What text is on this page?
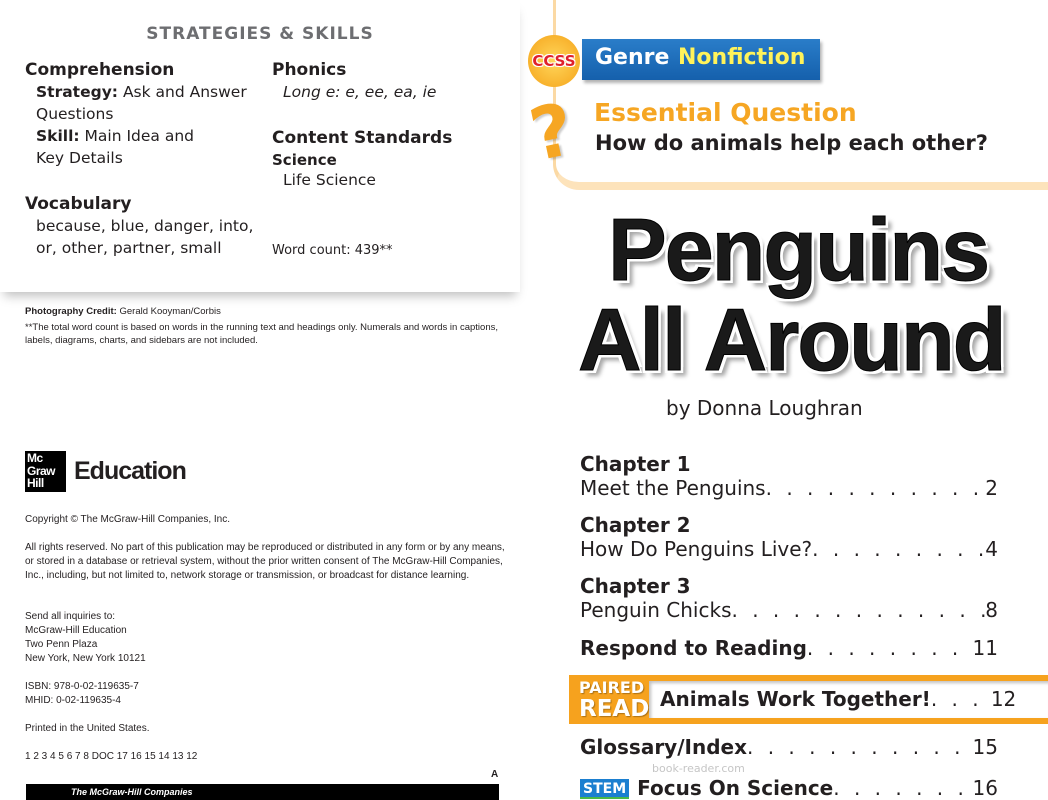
STRATEGIES & SKILLS
Comprehension
Strategy: Ask and Answer
Questions
Skill: Main Idea and
Key Details
Vocabulary
because, blue, danger, into,
or, other, partner, small
Phonics
Long e: e, ee, ea, ie
Content Standards
Science
Life Science
Word count: 439**
Photography Credit: Gerald Kooyman/Corbis
**The total word count is based on words in the running text and headings only. Numerals and words in captions, labels, diagrams, charts, and sidebars are not included.
Mc Graw Hill	Education
Copyright © The McGraw-Hill Companies, Inc.
All rights reserved. No part of this publication may be reproduced or distributed in any form or by any means, or stored in a database or retrieval system, without the prior written consent of The McGraw-Hill Companies, Inc., including, but not limited to, network storage or transmission, or broadcast for distance learning.
Send all inquiries to:
McGraw-Hill Education
Two Penn Plaza
New York, New York 10121
ISBN: 978-0-02-119635-7
MHID: 0-02-119635-4
Printed in the United States.
1 2 3 4 5 6 7 8 DOC 17 16 15 14 13 12
A
The McGraw-Hill Companies
Genre Nonfiction
CCSS
? Essential Question
How do animals help each other?
Penguins
All Around
by Donna Loughran
Chapter 1
Meet the Penguins . . .	2
Chapter 2
How Do Penguins Live? . . .	4
Chapter 3
Penguin Chicks . . .	8
Respond to Reading . . .	11
PAIRED
READ Animals Work Together! . . .	12
Glossary/Index . . .	15
book-reader.com
STEM Focus On Science . . .	16
